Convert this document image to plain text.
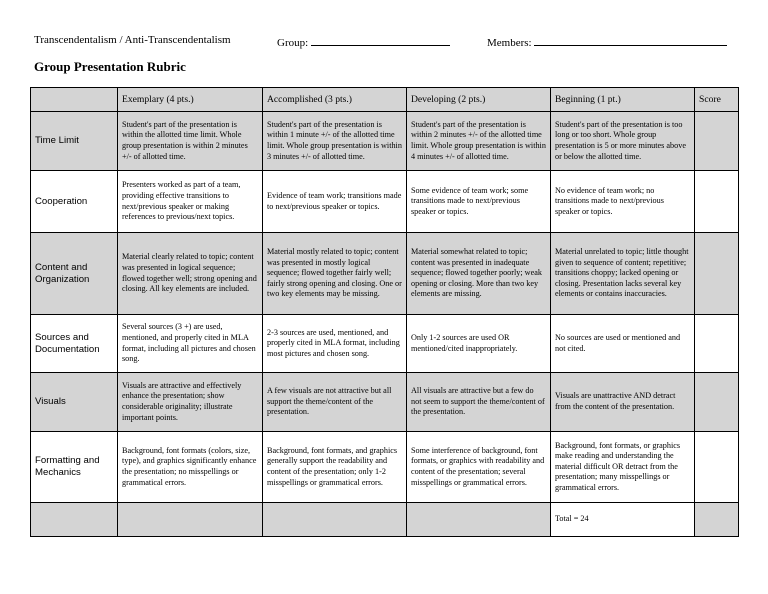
Transcendentalism / Anti-Transcendentalism	Group:	Members:
Group Presentation Rubric
	Exemplary (4 pts.)	Accomplished (3 pts.)	Developing (2 pts.)	Beginning (1 pt.)	Score
Time Limit	Student's part of the presentation is within the allotted time limit. Whole group presentation is within 2 minutes +/- of allotted time.	Student's part of the presentation is within 1 minute +/- of the allotted time limit. Whole group presentation is within 3 minutes +/- of allotted time.	Student's part of the presentation is within 2 minutes +/- of the allotted time limit. Whole group presentation is within 4 minutes +/- of allotted time.	Student's part of the presentation is too long or too short. Whole group presentation is 5 or more minutes above or below the allotted time.	
Cooperation	Presenters worked as part of a team, providing effective transitions to next/previous speaker or making references to previous/next topics.	Evidence of team work; transitions made to next/previous speaker or topics.	Some evidence of team work; some transitions made to next/previous speaker or topics.	No evidence of team work; no transitions made to next/previous speaker or topics.	
Content and Organization	Material clearly related to topic; content was presented in logical sequence; flowed together well; strong opening and closing. All key elements are included.	Material mostly related to topic; content was presented in mostly logical sequence; flowed together fairly well; fairly strong opening and closing. One or two key elements may be missing.	Material somewhat related to topic; content was presented in inadequate sequence; flowed together poorly; weak opening or closing. More than two key elements are missing.	Material unrelated to topic; little thought given to sequence of content; repetitive; transitions choppy; lacked opening or closing. Presentation lacks several key elements or contains inaccuracies.	
Sources and Documentation	Several sources (3 +) are used, mentioned, and properly cited in MLA format, including all pictures and chosen song.	2-3 sources are used, mentioned, and properly cited in MLA format, including most pictures and chosen song.	Only 1-2 sources are used OR mentioned/cited inappropriately.	No sources are used or mentioned and not cited.	
Visuals	Visuals are attractive and effectively enhance the presentation; show considerable originality; illustrate important points.	A few visuals are not attractive but all support the theme/content of the presentation.	All visuals are attractive but a few do not seem to support the theme/content of the presentation.	Visuals are unattractive AND detract from the content of the presentation.	
Formatting and Mechanics	Background, font formats (colors, size, type), and graphics significantly enhance the presentation; no misspellings or grammatical errors.	Background, font formats, and graphics generally support the readability and content of the presentation; only 1-2 misspellings or grammatical errors.	Some interference of background, font formats, or graphics with readability and content of the presentation; several misspellings or grammatical errors.	Background, font formats, or graphics make reading and understanding the material difficult OR detract from the presentation; many misspellings or grammatical errors.	
				Total = 24	
